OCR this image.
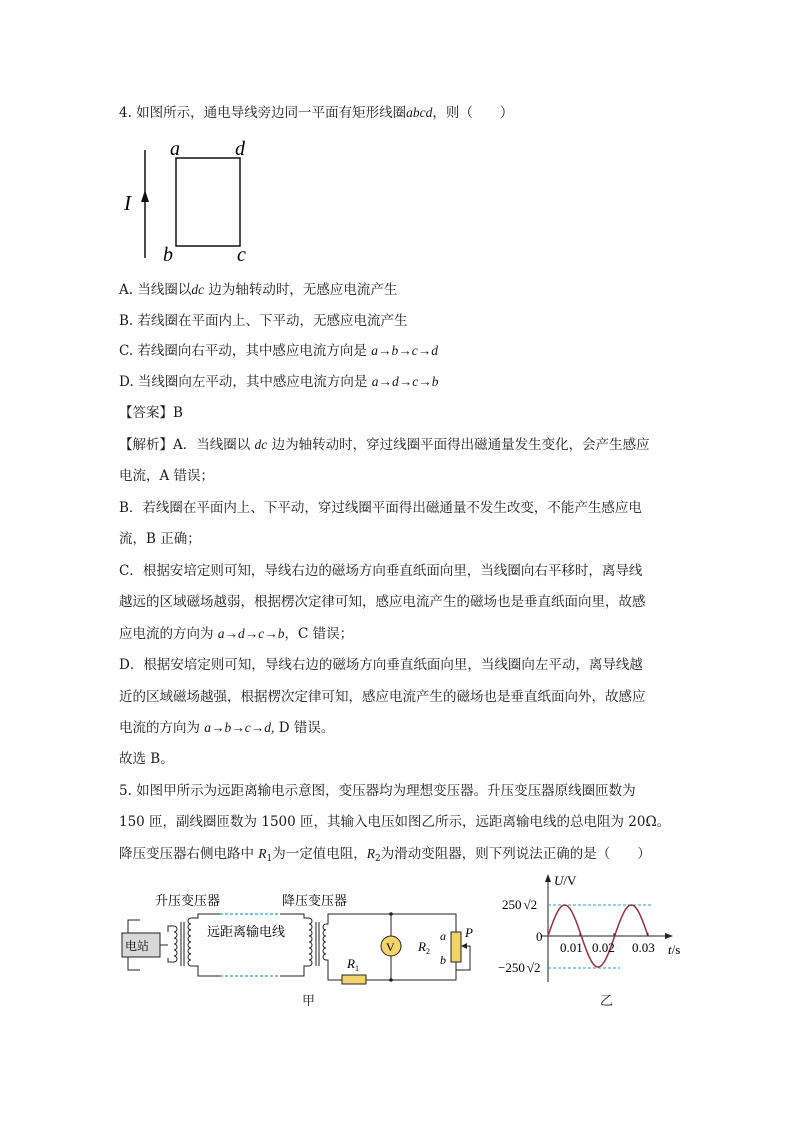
4. 如图所示，通电导线旁边同一平面有矩形线圈abcd，则（　　）
I
a	d
b	c
A. 当线圈以dc 边为轴转动时，无感应电流产生
B. 若线圈在平面内上、下平动，无感应电流产生
C. 若线圈向右平动，其中感应电流方向是 a→b→c→d
D. 当线圈向左平动，其中感应电流方向是 a→d→c→b
【答案】B
【解析】A．当线圈以 dc 边为轴转动时，穿过线圈平面得出磁通量发生变化，会产生感应
电流，A 错误；
B．若线圈在平面内上、下平动，穿过线圈平面得出磁通量不发生改变，不能产生感应电
流，B 正确；
C．根据安培定则可知，导线右边的磁场方向垂直纸面向里，当线圈向右平移时，离导线
越远的区域磁场越弱，根据楞次定律可知，感应电流产生的磁场也是垂直纸面向里，故感
应电流的方向为 a→d→c→b，C 错误；
D．根据安培定则可知，导线右边的磁场方向垂直纸面向里，当线圈向左平动，离导线越
近的区域磁场越强，根据楞次定律可知，感应电流产生的磁场也是垂直纸面向外，故感应
电流的方向为 a→b→c→d, D 错误。
故选 B。
5. 如图甲所示为远距离输电示意图，变压器均为理想变压器。升压变压器原线圈匝数为
150 匝，副线圈匝数为 1500 匝，其输入电压如图乙所示，远距离输电线的总电阻为 20Ω。
降压变压器右侧电路中 $R_1$为一定值电阻，$R_2$为滑动变阻器，则下列说法正确的是（　　）
升压变压器	降压变压器
电站
远距离输电线
$R_1$
V $R_2$
a
b
P
甲
U/V
250 √2
−250 √2
0
0.01 0.02 0.03 t/s
乙
